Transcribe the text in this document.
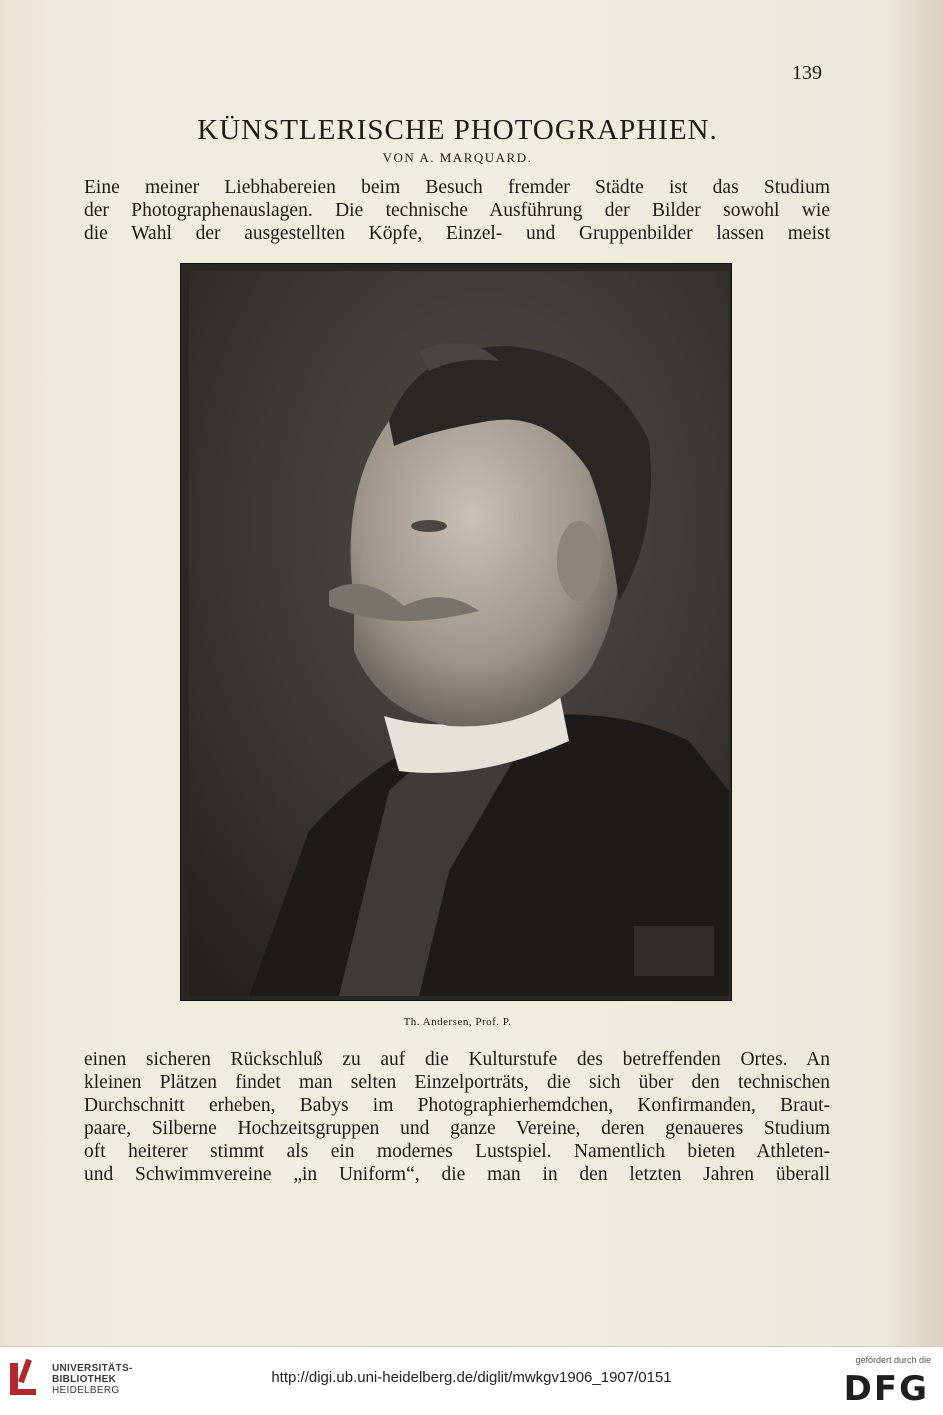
139
KÜNSTLERISCHE PHOTOGRAPHIEN.
VON A. MARQUARD.

Eine meiner Liebhabereien beim Besuch fremder Städte ist das Studium
der Photographenauslagen. Die technische Ausführung der Bilder sowohl wie
die Wahl der ausgestellten Köpfe, Einzel- und Gruppenbilder lassen meist

Th. Andersen, Prof. P.

einen sicheren Rückschluß zu auf die Kulturstufe des betreffenden Ortes. An
kleinen Plätzen findet man selten Einzelporträts, die sich über den technischen
Durchschnitt erheben, Babys im Photographierhemdchen, Konfirmanden, Braut-
paare, Silberne Hochzeitsgruppen und ganze Vereine, deren genaueres Studium
oft heiterer stimmt als ein modernes Lustspiel. Namentlich bieten Athleten-
und Schwimmvereine „in Uniform“, die man in den letzten Jahren überall

UNIVERSITÄTS-
BIBLIOTHEK
HEIDELBERG
http://digi.ub.uni-heidelberg.de/diglit/mwkgv1906_1907/0151
gefördert durch die
DFG
